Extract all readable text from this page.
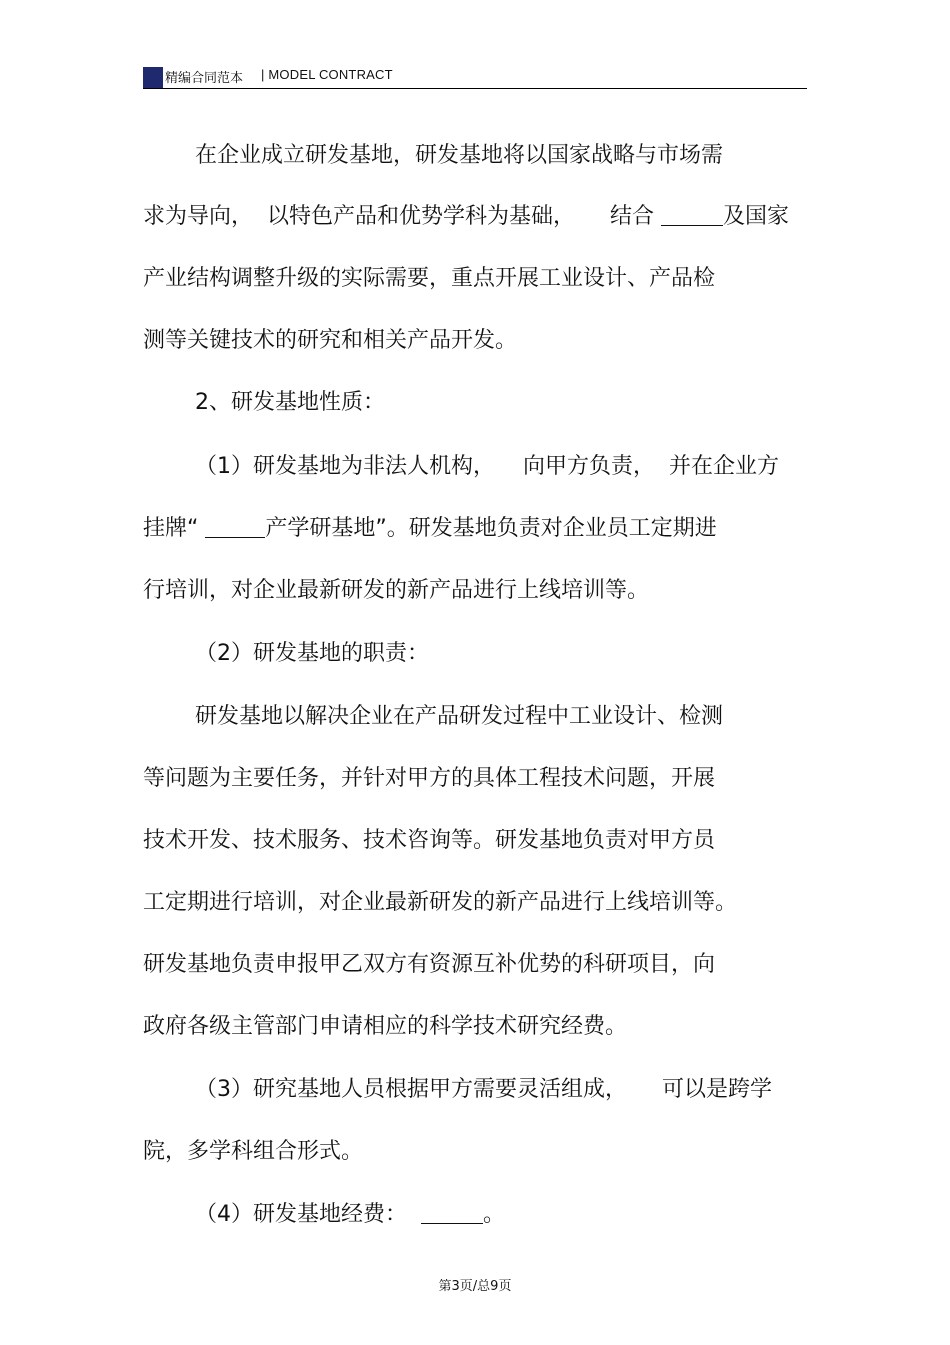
精编合同范本 | MODEL CONTRACT
在企业成立研发基地，研发基地将以国家战略与市场需
求为导向，  以特色产品和优势学科为基础，     结合	及国家
产业结构调整升级的实际需要，重点开展工业设计、产品检
测等关键技术的研究和相关产品开发。
2、研发基地性质：
（1）研发基地为非法人机构，    向甲方负责，  并在企业方
挂牌“	产学研基地”。研发基地负责对企业员工定期进
行培训，对企业最新研发的新产品进行上线培训等。
（2）研发基地的职责：
研发基地以解决企业在产品研发过程中工业设计、检测
等问题为主要任务，并针对甲方的具体工程技术问题，开展
技术开发、技术服务、技术咨询等。研发基地负责对甲方员
工定期进行培训，对企业最新研发的新产品进行上线培训等。
研发基地负责申报甲乙双方有资源互补优势的科研项目，向
政府各级主管部门申请相应的科学技术研究经费。
（3）研究基地人员根据甲方需要灵活组成，     可以是跨学
院，多学科组合形式。
（4）研发基地经费：	。
第3页/总9页
